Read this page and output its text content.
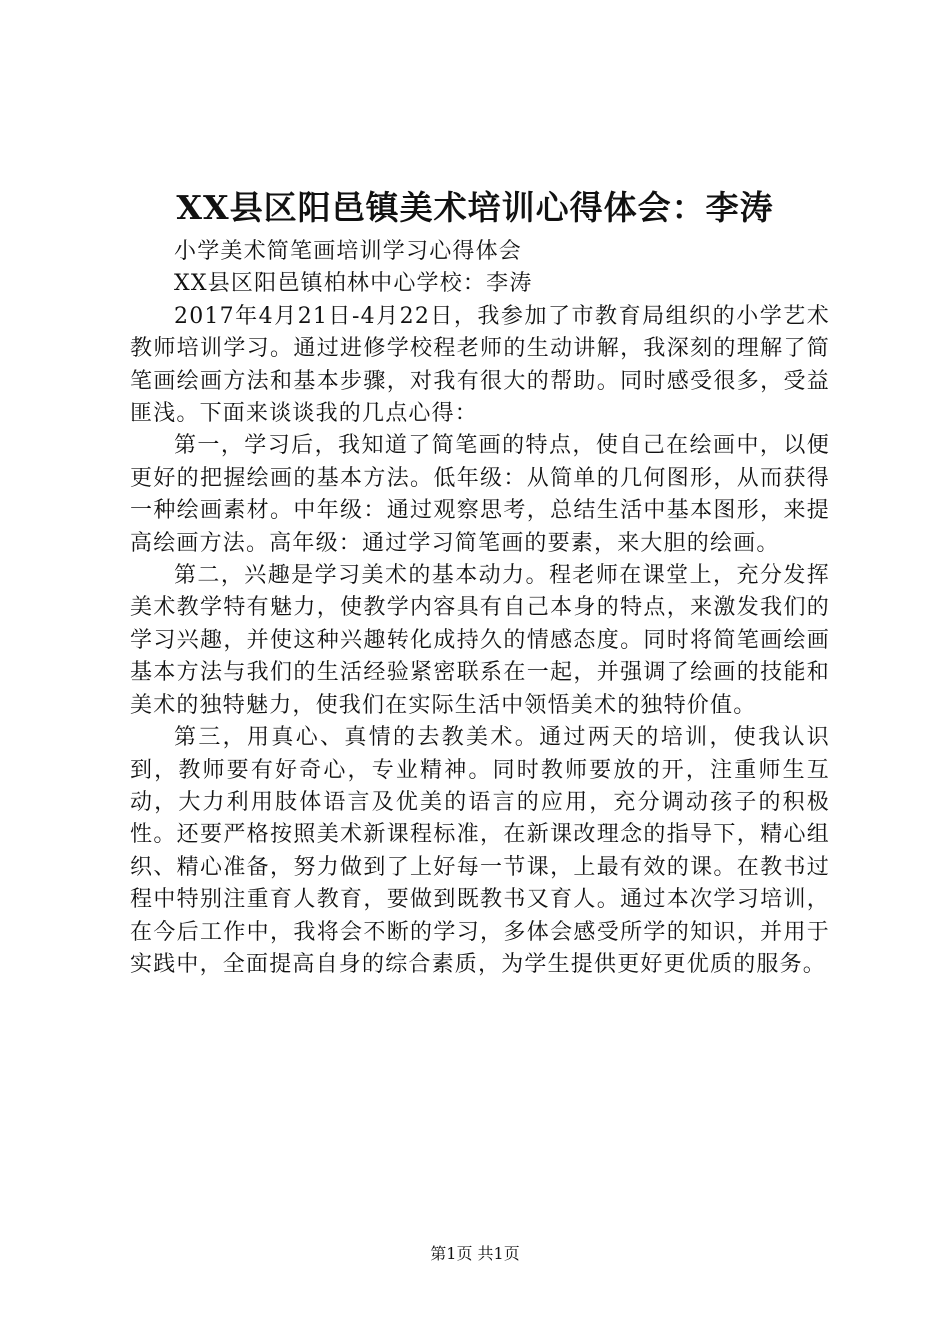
XX县区阳邑镇美术培训心得体会：李涛

小学美术简笔画培训学习心得体会

XX县区阳邑镇柏林中心学校：李涛

2017年4月21日-4月22日，我参加了市教育局组织的小学艺术教师培训学习。通过进修学校程老师的生动讲解，我深刻的理解了简笔画绘画方法和基本步骤，对我有很大的帮助。同时感受很多，受益匪浅。下面来谈谈我的几点心得：

第一，学习后，我知道了简笔画的特点，使自己在绘画中，以便更好的把握绘画的基本方法。低年级：从简单的几何图形，从而获得一种绘画素材。中年级：通过观察思考，总结生活中基本图形，来提高绘画方法。高年级：通过学习简笔画的要素，来大胆的绘画。

第二，兴趣是学习美术的基本动力。程老师在课堂上，充分发挥美术教学特有魅力，使教学内容具有自己本身的特点，来激发我们的学习兴趣，并使这种兴趣转化成持久的情感态度。同时将简笔画绘画基本方法与我们的生活经验紧密联系在一起，并强调了绘画的技能和美术的独特魅力，使我们在实际生活中领悟美术的独特价值。

第三，用真心、真情的去教美术。通过两天的培训，使我认识到，教师要有好奇心，专业精神。同时教师要放的开，注重师生互动，大力利用肢体语言及优美的语言的应用，充分调动孩子的积极性。还要严格按照美术新课程标准，在新课改理念的指导下，精心组织、精心准备，努力做到了上好每一节课，上最有效的课。在教书过程中特别注重育人教育，要做到既教书又育人。通过本次学习培训，在今后工作中，我将会不断的学习，多体会感受所学的知识，并用于实践中，全面提高自身的综合素质，为学生提供更好更优质的服务。

第1页 共1页
